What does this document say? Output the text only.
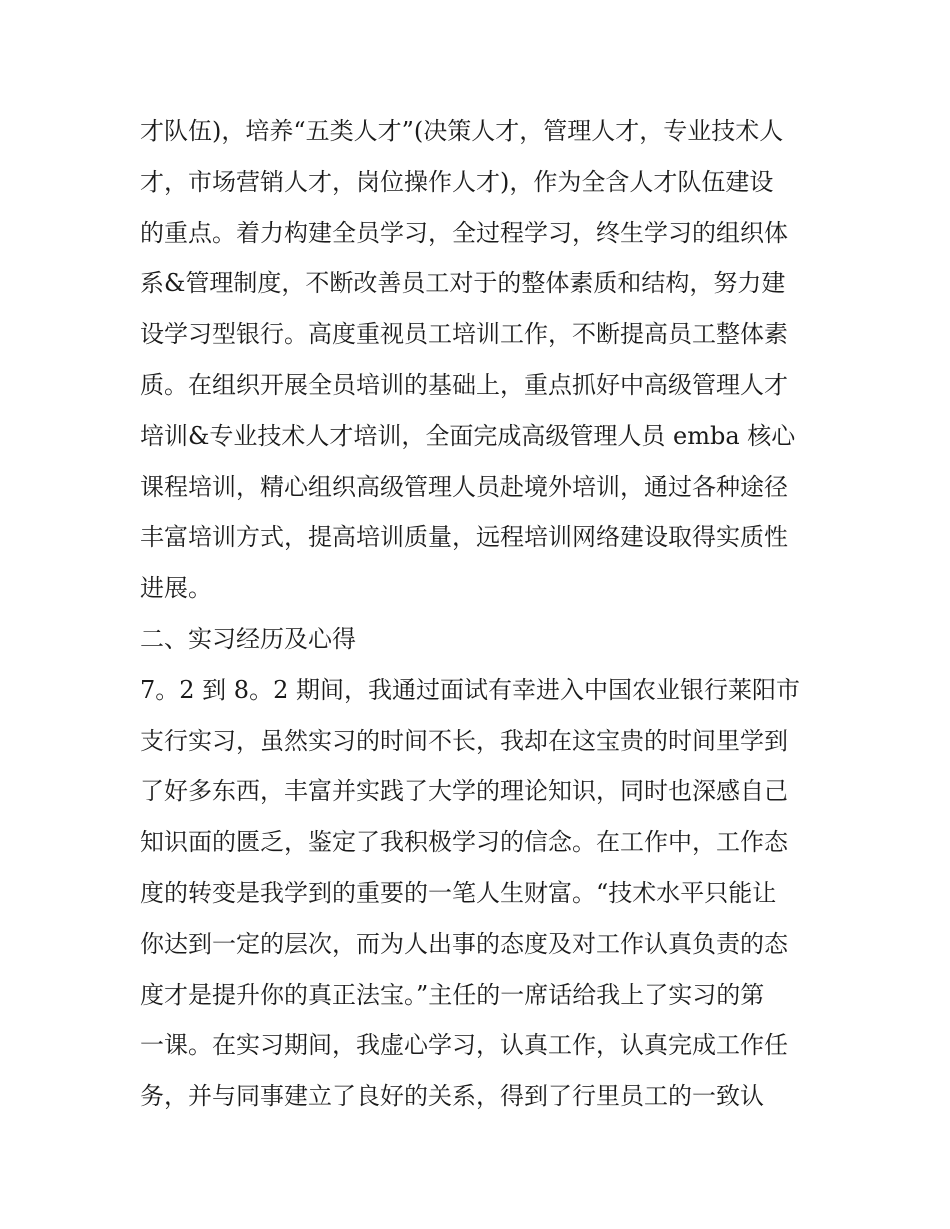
才队伍)，培养“五类人才”(决策人才，管理人才，专业技术人
才，市场营销人才，岗位操作人才)，作为全含人才队伍建设
的重点。着力构建全员学习，全过程学习，终生学习的组织体
系&管理制度，不断改善员工对于的整体素质和结构，努力建
设学习型银行。高度重视员工培训工作，不断提高员工整体素
质。在组织开展全员培训的基础上，重点抓好中高级管理人才
培训&专业技术人才培训，全面完成高级管理人员 emba 核心
课程培训，精心组织高级管理人员赴境外培训，通过各种途径
丰富培训方式，提高培训质量，远程培训网络建设取得实质性
进展。
二、实习经历及心得
7。2 到 8。2 期间，我通过面试有幸进入中国农业银行莱阳市
支行实习，虽然实习的时间不长，我却在这宝贵的时间里学到
了好多东西，丰富并实践了大学的理论知识，同时也深感自己
知识面的匮乏，鉴定了我积极学习的信念。在工作中，工作态
度的转变是我学到的重要的一笔人生财富。“技术水平只能让
你达到一定的层次，而为人出事的态度及对工作认真负责的态
度才是提升你的真正法宝。”主任的一席话给我上了实习的第
一课。在实习期间，我虚心学习，认真工作，认真完成工作任
务，并与同事建立了良好的关系，得到了行里员工的一致认
